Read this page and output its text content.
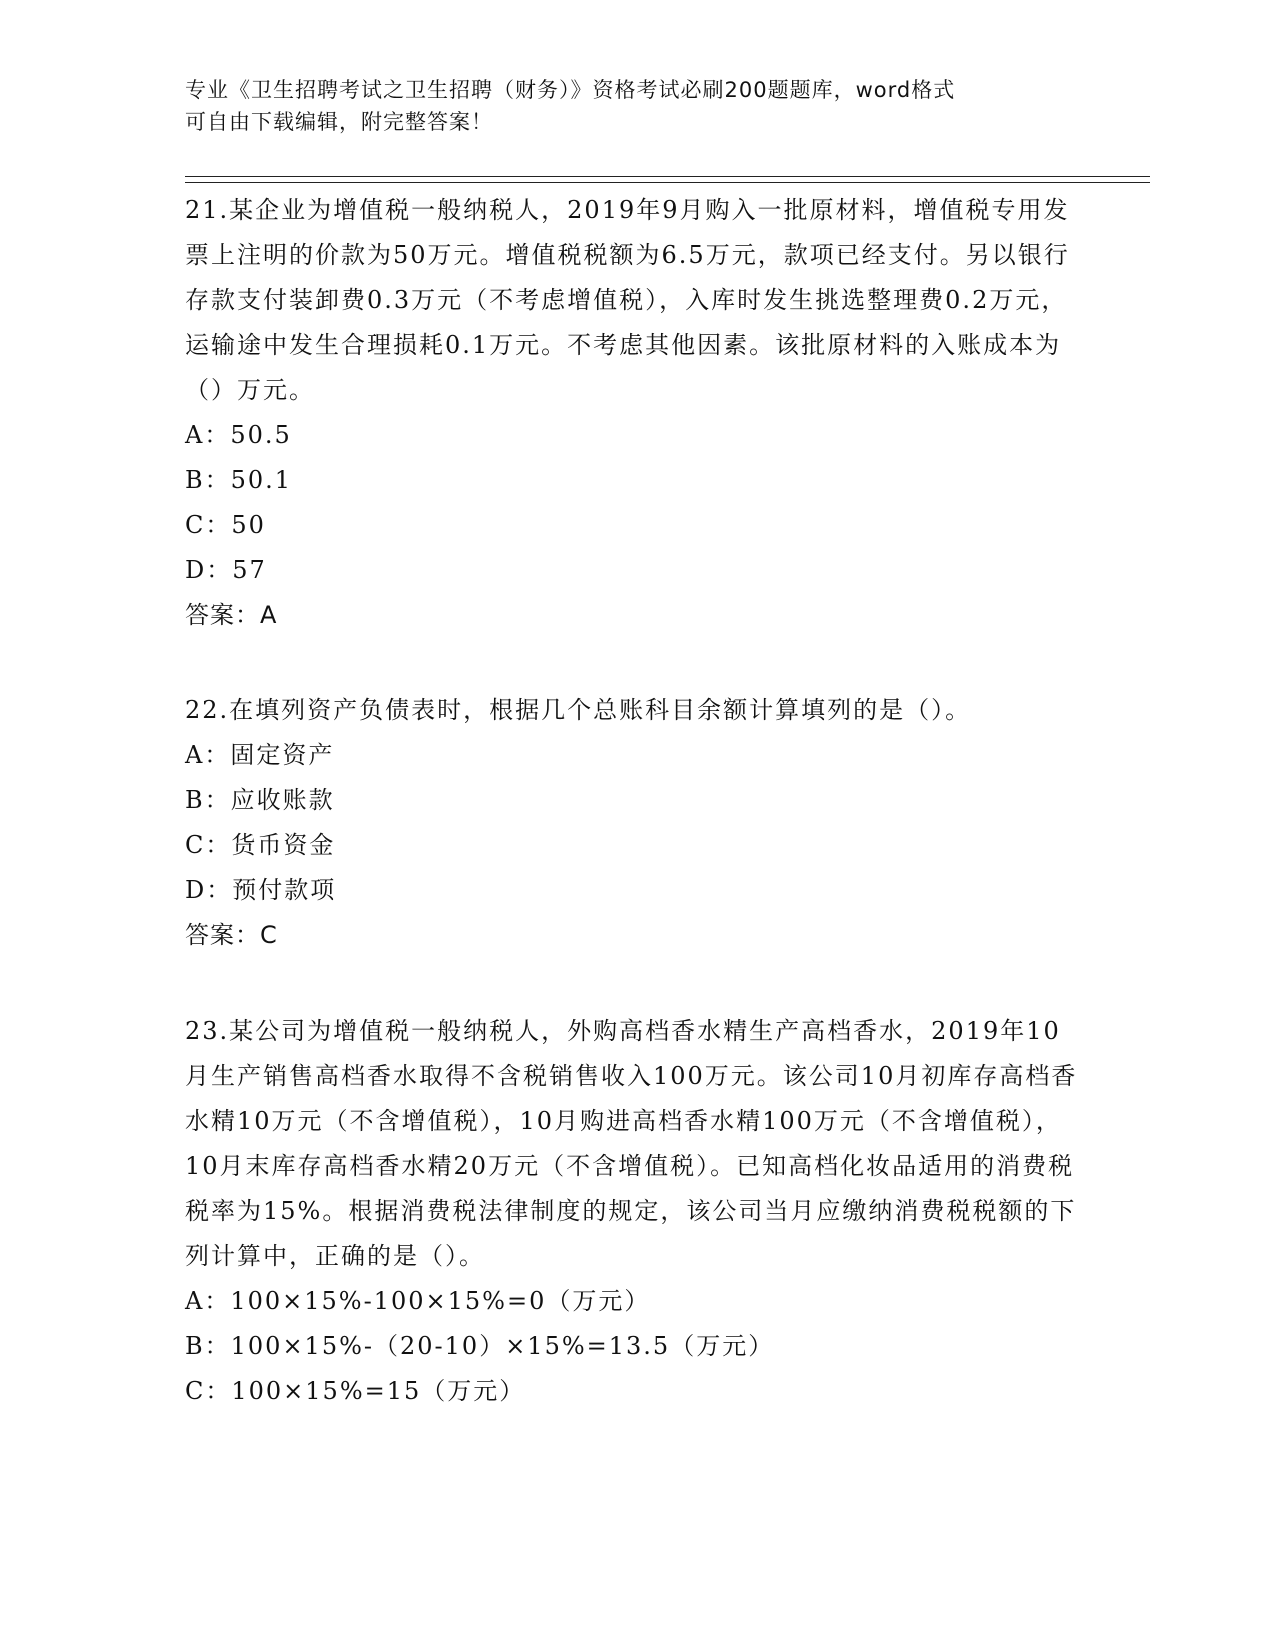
专业《卫生招聘考试之卫生招聘（财务）》资格考试必刷200题题库，word格式
可自由下载编辑，附完整答案！

21.某企业为增值税一般纳税人，2019年9月购入一批原材料，增值税专用发票上注明的价款为50万元。增值税税额为6.5万元，款项已经支付。另以银行存款支付装卸费0.3万元（不考虑增值税），入库时发生挑选整理费0.2万元，运输途中发生合理损耗0.1万元。不考虑其他因素。该批原材料的入账成本为（）万元。

A：50.5

B：50.1

C：50

D：57

答案：A

22.在填列资产负债表时，根据几个总账科目余额计算填列的是（）。

A：固定资产

B：应收账款

C：货币资金

D：预付款项

答案：C

23.某公司为增值税一般纳税人，外购高档香水精生产高档香水，2019年10月生产销售高档香水取得不含税销售收入100万元。该公司10月初库存高档香水精10万元（不含增值税），10月购进高档香水精100万元（不含增值税），10月末库存高档香水精20万元（不含增值税）。已知高档化妆品适用的消费税税率为15%。根据消费税法律制度的规定，该公司当月应缴纳消费税税额的下列计算中，正确的是（）。

A：100×15%-100×15%=0（万元）

B：100×15%-（20-10）×15%=13.5（万元）

C：100×15%=15（万元）
